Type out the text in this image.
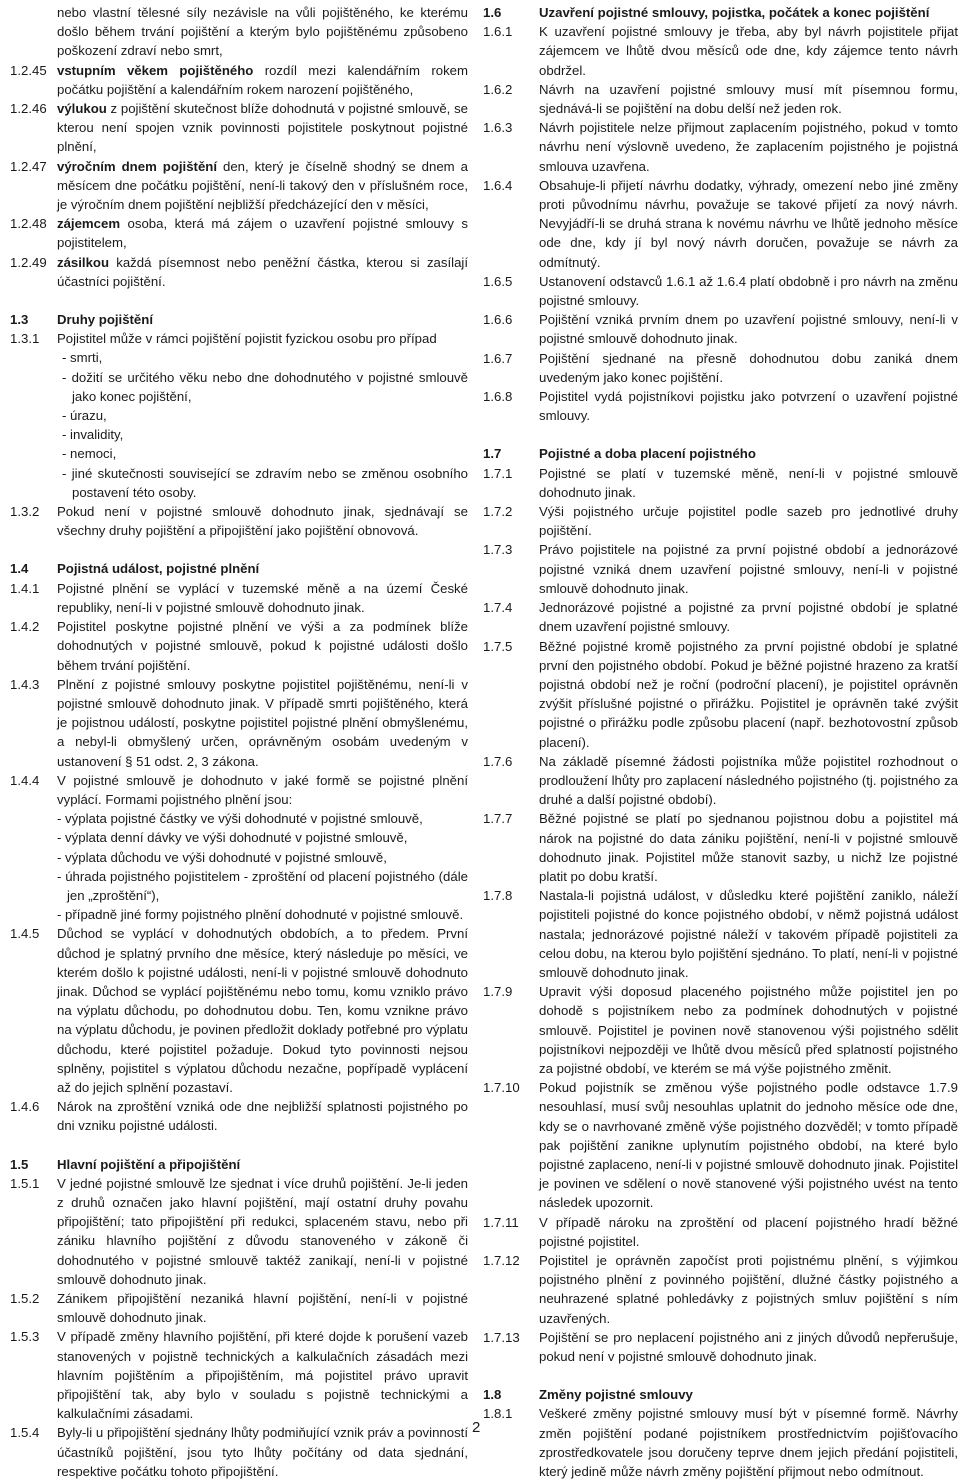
nebo vlastní tělesné síly nezávisle na vůli pojištěného, ke kterému došlo během trvání pojištění a kterým bylo pojištěnému způsobeno poškození zdraví nebo smrt,
1.2.45 vstupním věkem pojištěného rozdíl mezi kalendářním rokem počátku pojištění a kalendářním rokem narození pojištěného,
1.2.46 výlukou z pojištění skutečnost blíže dohodnutá v pojistné smlouvě, se kterou není spojen vznik povinnosti pojistitele poskytnout pojistné plnění,
1.2.47 výročním dnem pojištění den, který je číselně shodný se dnem a měsícem dne počátku pojištění, není-li takový den v příslušném roce, je výročním dnem pojištění nejbližší předcházející den v měsíci,
1.2.48 zájemcem osoba, která má zájem o uzavření pojistné smlouvy s pojistitelem,
1.2.49 zásilkou každá písemnost nebo peněžní částka, kterou si zasílají účastníci pojištění.
1.3	Druhy pojištění
1.3.1	Pojistitel může v rámci pojištění pojistit fyzickou osobu pro případ
- smrti,
- dožití se určitého věku nebo dne dohodnutého v pojistné smlouvě jako konec pojištění,
- úrazu,
- invalidity,
- nemoci,
- jiné skutečnosti související se zdravím nebo se změnou osobního postavení této osoby.
1.3.2	Pokud není v pojistné smlouvě dohodnuto jinak, sjednávají se všechny druhy pojištění a připojištění jako pojištění obnovová.
1.4	Pojistná událost, pojistné plnění
1.4.1	Pojistné plnění se vyplácí v tuzemské měně a na území České republiky, není-li v pojistné smlouvě dohodnuto jinak.
1.4.2	Pojistitel poskytne pojistné plnění ve výši a za podmínek blíže dohodnutých v pojistné smlouvě, pokud k pojistné události došlo během trvání pojištění.
1.4.3	Plnění z pojistné smlouvy poskytne pojistitel pojištěnému, není-li v pojistné smlouvě dohodnuto jinak. V případě smrti pojištěného, která je pojistnou událostí, poskytne pojistitel pojistné plnění obmyšlenému, a nebyl-li obmyšlený určen, oprávněným osobám uvedeným v ustanovení § 51 odst. 2, 3 zákona.
1.4.4	V pojistné smlouvě je dohodnuto v jaké formě se pojistné plnění vyplácí. Formami pojistného plnění jsou:
- výplata pojistné částky ve výši dohodnuté v pojistné smlouvě,
- výplata denní dávky ve výši dohodnuté v pojistné smlouvě,
- výplata důchodu ve výši dohodnuté v pojistné smlouvě,
- úhrada pojistného pojistitelem - zproštění od placení pojistného (dále jen „zproštění“),
- případně jiné formy pojistného plnění dohodnuté v pojistné smlouvě.
1.4.5	Důchod se vyplácí v dohodnutých obdobích, a to předem. První důchod je splatný prvního dne měsíce, který následuje po měsíci, ve kterém došlo k pojistné události, není-li v pojistné smlouvě dohodnuto jinak. Důchod se vyplácí pojištěnému nebo tomu, komu vzniklo právo na výplatu důchodu, po dohodnutou dobu. Ten, komu vznikne právo na výplatu důchodu, je povinen předložit doklady potřebné pro výplatu důchodu, které pojistitel požaduje. Dokud tyto povinnosti nejsou splněny, pojistitel s výplatou důchodu nezačne, popřípadě vyplácení až do jejich splnění pozastaví.
1.4.6	Nárok na zproštění vzniká ode dne nejbližší splatnosti pojistného po dni vzniku pojistné události.
1.5	Hlavní pojištění a připojištění
1.5.1	V jedné pojistné smlouvě lze sjednat i více druhů pojištění. Je-li jeden z druhů označen jako hlavní pojištění, mají ostatní druhy povahu připojištění; tato připojištění při redukci, splaceném stavu, nebo při zániku hlavního pojištění z důvodu stanoveného v zákoně či dohodnutého v pojistné smlouvě taktéž zanikají, není-li v pojistné smlouvě dohodnuto jinak.
1.5.2	Zánikem připojištění nezaniká hlavní pojištění, není-li v pojistné smlouvě dohodnuto jinak.
1.5.3	V případě změny hlavního pojištění, při které dojde k porušení vazeb stanovených v pojistně technických a kalkulačních zásadách mezi hlavním pojištěním a připojištěním, má pojistitel právo upravit připojištění tak, aby bylo v souladu s pojistně technickými a kalkulačními zásadami.
1.5.4	Byly-li u připojištění sjednány lhůty podmiňující vznik práv a povinností účastníků pojištění, jsou tyto lhůty počítány od data sjednání, respektive počátku tohoto připojištění.
1.6	Uzavření pojistné smlouvy, pojistka, počátek a konec pojištění
1.6.1	K uzavření pojistné smlouvy je třeba, aby byl návrh pojistitele přijat zájemcem ve lhůtě dvou měsíců ode dne, kdy zájemce tento návrh obdržel.
1.6.2	Návrh na uzavření pojistné smlouvy musí mít písemnou formu, sjednává-li se pojištění na dobu delší než jeden rok.
1.6.3	Návrh pojistitele nelze přijmout zaplacením pojistného, pokud v tomto návrhu není výslovně uvedeno, že zaplacením pojistného je pojistná smlouva uzavřena.
1.6.4	Obsahuje-li přijetí návrhu dodatky, výhrady, omezení nebo jiné změny proti původnímu návrhu, považuje se takové přijetí za nový návrh. Nevyjádří-li se druhá strana k novému návrhu ve lhůtě jednoho měsíce ode dne, kdy jí byl nový návrh doručen, považuje se návrh za odmítnutý.
1.6.5	Ustanovení odstavců 1.6.1 až 1.6.4 platí obdobně i pro návrh na změnu pojistné smlouvy.
1.6.6	Pojištění vzniká prvním dnem po uzavření pojistné smlouvy, není-li v pojistné smlouvě dohodnuto jinak.
1.6.7	Pojištění sjednané na přesně dohodnutou dobu zaniká dnem uvedeným jako konec pojištění.
1.6.8	Pojistitel vydá pojistníkovi pojistku jako potvrzení o uzavření pojistné smlouvy.
1.7	Pojistné a doba placení pojistného
1.7.1	Pojistné se platí v tuzemské měně, není-li v pojistné smlouvě dohodnuto jinak.
1.7.2	Výši pojistného určuje pojistitel podle sazeb pro jednotlivé druhy pojištění.
1.7.3	Právo pojistitele na pojistné za první pojistné období a jednorázové pojistné vzniká dnem uzavření pojistné smlouvy, není-li v pojistné smlouvě dohodnuto jinak.
1.7.4	Jednorázové pojistné a pojistné za první pojistné období je splatné dnem uzavření pojistné smlouvy.
1.7.5	Běžné pojistné kromě pojistného za první pojistné období je splatné první den pojistného období. Pokud je běžné pojistné hrazeno za kratší pojistná období než je roční (področní placení), je pojistitel oprávněn zvýšit příslušné pojistné o přirážku. Pojistitel je oprávněn také zvýšit pojistné o přirážku podle způsobu placení (např. bezhotovostní způsob placení).
1.7.6	Na základě písemné žádosti pojistníka může pojistitel rozhodnout o prodloužení lhůty pro zaplacení následného pojistného (tj. pojistného za druhé a další pojistné období).
1.7.7	Běžné pojistné se platí po sjednanou pojistnou dobu a pojistitel má nárok na pojistné do data zániku pojištění, není-li v pojistné smlouvě dohodnuto jinak. Pojistitel může stanovit sazby, u nichž lze pojistné platit po dobu kratší.
1.7.8	Nastala-li pojistná událost, v důsledku které pojištění zaniklo, náleží pojistiteli pojistné do konce pojistného období, v němž pojistná událost nastala; jednorázové pojistné náleží v takovém případě pojistiteli za celou dobu, na kterou bylo pojištění sjednáno. To platí, není-li v pojistné smlouvě dohodnuto jinak.
1.7.9	Upravit výši doposud placeného pojistného může pojistitel jen po dohodě s pojistníkem nebo za podmínek dohodnutých v pojistné smlouvě. Pojistitel je povinen nově stanovenou výši pojistného sdělit pojistníkovi nejpozději ve lhůtě dvou měsíců před splatností pojistného za pojistné období, ve kterém se má výše pojistného změnit.
1.7.10	Pokud pojistník se změnou výše pojistného podle odstavce 1.7.9 nesouhlasí, musí svůj nesouhlas uplatnit do jednoho měsíce ode dne, kdy se o navrhované změně výše pojistného dozvěděl; v tomto případě pak pojištění zanikne uplynutím pojistného období, na které bylo pojistné zaplaceno, není-li v pojistné smlouvě dohodnuto jinak. Pojistitel je povinen ve sdělení o nově stanovené výši pojistného uvést na tento následek upozornit.
1.7.11	V případě nároku na zproštění od placení pojistného hradí běžné pojistné pojistitel.
1.7.12	Pojistitel je oprávněn započíst proti pojistnému plnění, s výjimkou pojistného plnění z povinného pojištění, dlužné částky pojistného a neuhrazené splatné pohledávky z pojistných smluv pojištění s ním uzavřených.
1.7.13	Pojištění se pro neplacení pojistného ani z jiných důvodů nepřerušuje, pokud není v pojistné smlouvě dohodnuto jinak.
1.8	Změny pojistné smlouvy
1.8.1	Veškeré změny pojistné smlouvy musí být v písemné formě. Návrhy změn pojištění podané pojistníkem prostřednictvím pojišťovacího zprostředkovatele jsou doručeny teprve dnem jejich předání pojistiteli, který jedině může návrh změny pojištění přijmout nebo odmítnout.
2
